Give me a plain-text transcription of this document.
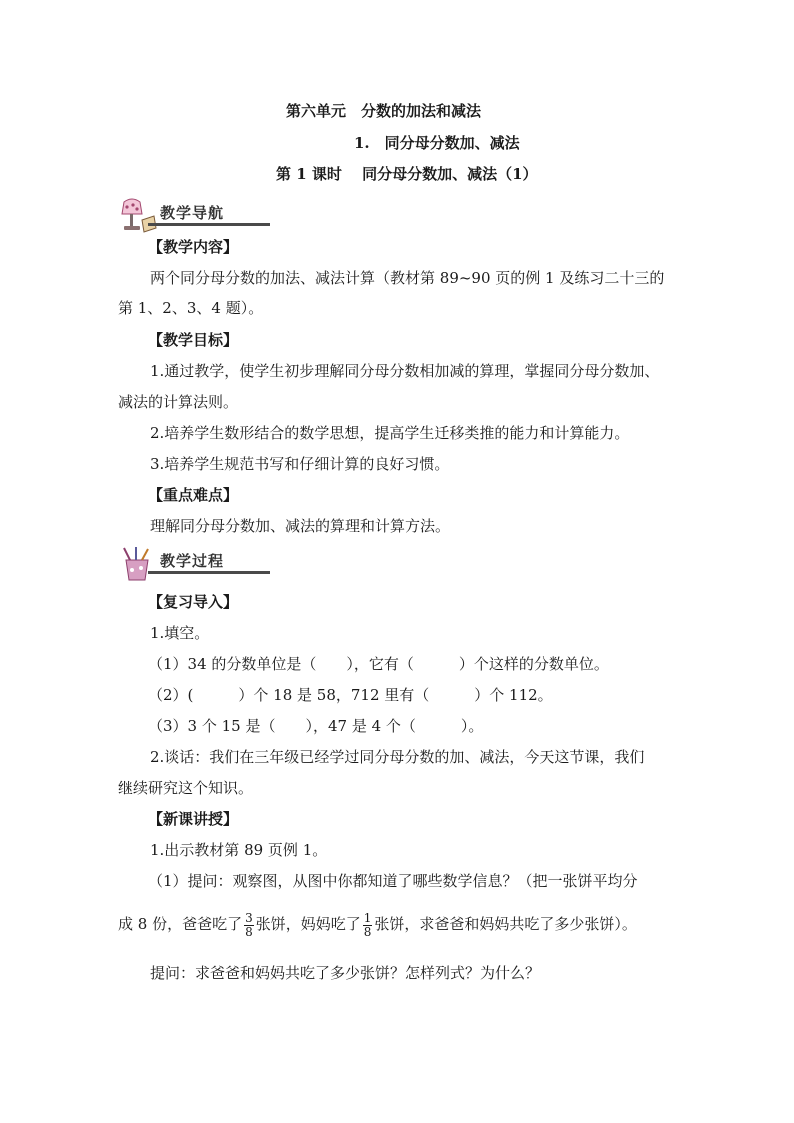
第六单元　分数的加法和减法
1.　同分母分数加、减法
第 1 课时　 同分母分数加、减法（1）
教学导航
【教学内容】
两个同分母分数的加法、减法计算（教材第 89~90 页的例 1 及练习二十三的
第 1、2、3、4 题）。
【教学目标】
1.通过教学，使学生初步理解同分母分数相加减的算理，掌握同分母分数加、
减法的计算法则。
2.培养学生数形结合的数学思想，提高学生迁移类推的能力和计算能力。
3.培养学生规范书写和仔细计算的良好习惯。
【重点难点】
理解同分母分数加、减法的算理和计算方法。
教学过程
【复习导入】
1.填空。
（1）34 的分数单位是（　　），它有（　　　）个这样的分数单位。
（2）(　　　）个 18 是 58，712 里有（　　　）个 112。
（3）3 个 15 是（　　），47 是 4 个（　　　）。
2.谈话：我们在三年级已经学过同分母分数的加、减法，今天这节课，我们
继续研究这个知识。
【新课讲授】
1.出示教材第 89 页例 1。
（1）提问：观察图，从图中你都知道了哪些数学信息？（把一张饼平均分
成 8 份，爸爸吃了 $\frac{3}{8}$ 张饼，妈妈吃了 $\frac{1}{8}$ 张饼，求爸爸和妈妈共吃了多少张饼）。
提问：求爸爸和妈妈共吃了多少张饼？怎样列式？为什么？
